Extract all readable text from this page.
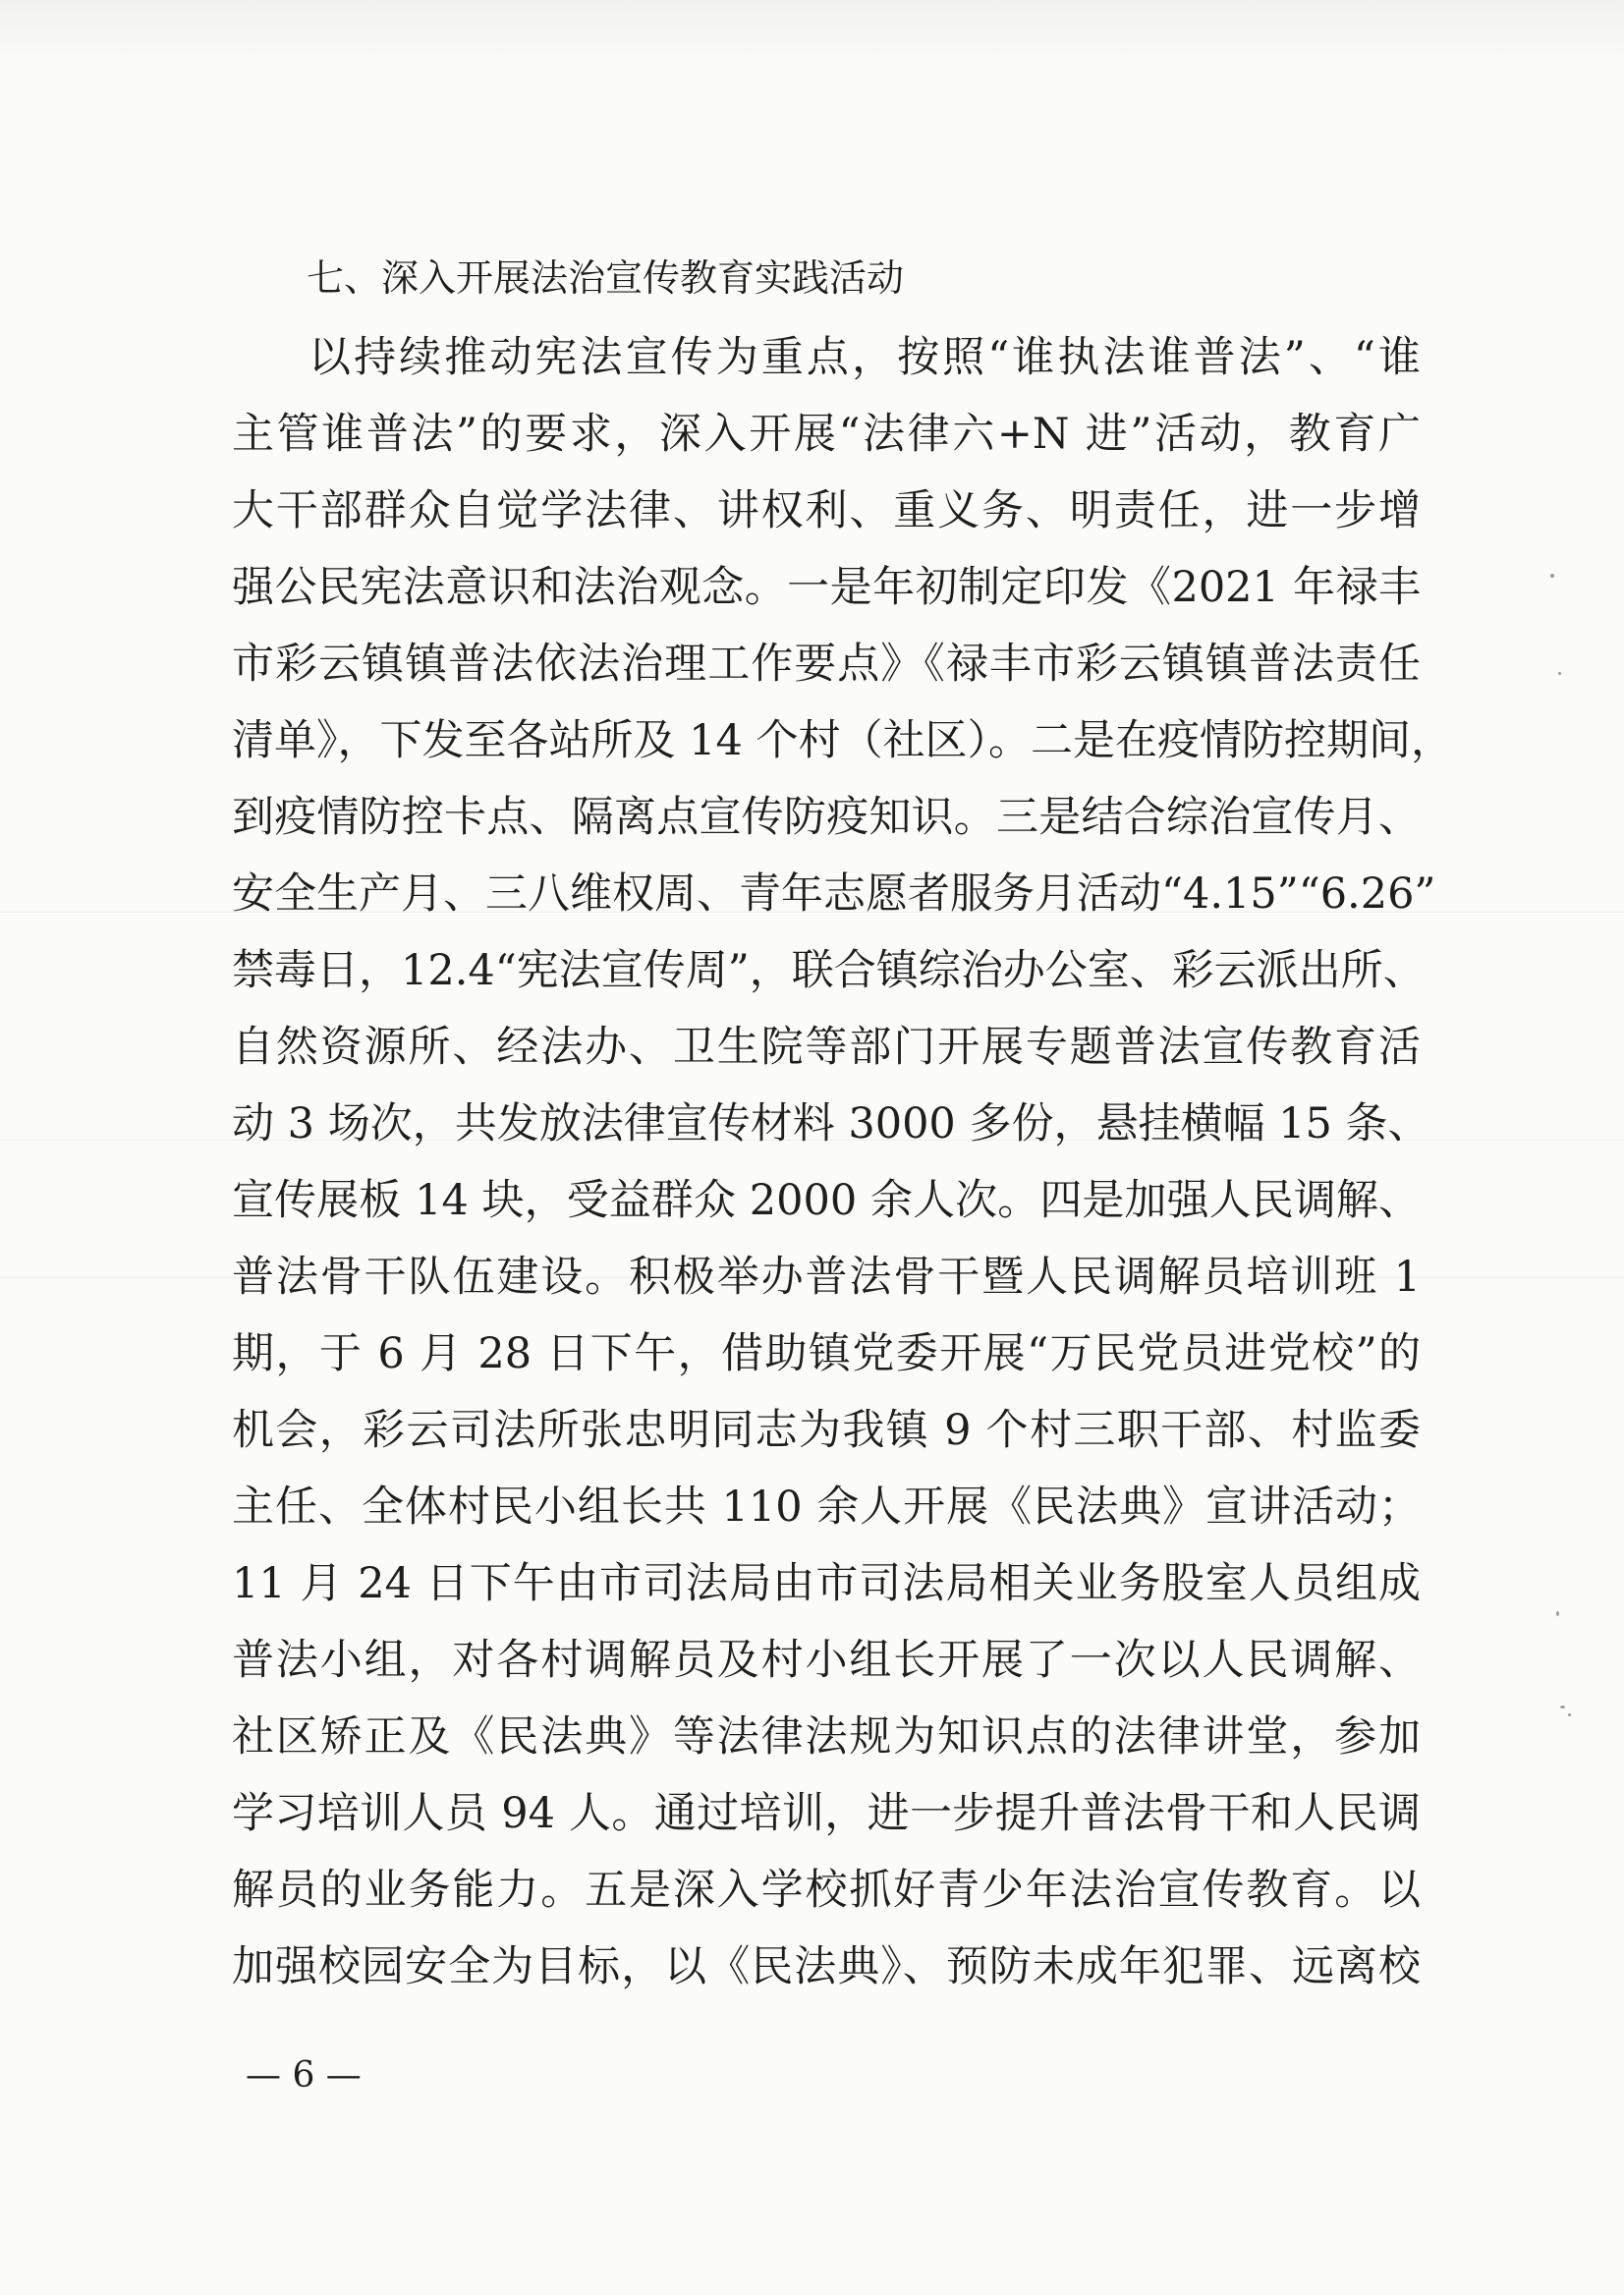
七、深入开展法治宣传教育实践活动
以持续推动宪法宣传为重点，按照“谁执法谁普法”、“谁
主管谁普法”的要求，深入开展“法律六+N 进”活动，教育广
大干部群众自觉学法律、讲权利、重义务、明责任，进一步增
强公民宪法意识和法治观念。一是年初制定印发《2021 年禄丰
市彩云镇镇普法依法治理工作要点》《禄丰市彩云镇镇普法责任
清单》，下发至各站所及 14 个村（社区）。二是在疫情防控期间，
到疫情防控卡点、隔离点宣传防疫知识。三是结合综治宣传月、
安全生产月、三八维权周、青年志愿者服务月活动“4.15”“6.26”
禁毒日，12.4“宪法宣传周”，联合镇综治办公室、彩云派出所、
自然资源所、经法办、卫生院等部门开展专题普法宣传教育活
动 3 场次，共发放法律宣传材料 3000 多份，悬挂横幅 15 条、
宣传展板 14 块，受益群众 2000 余人次。四是加强人民调解、
普法骨干队伍建设。积极举办普法骨干暨人民调解员培训班 1
期，于 6 月 28 日下午，借助镇党委开展“万民党员进党校”的
机会，彩云司法所张忠明同志为我镇 9 个村三职干部、村监委
主任、全体村民小组长共 110 余人开展《民法典》宣讲活动；
11 月 24 日下午由市司法局由市司法局相关业务股室人员组成
普法小组，对各村调解员及村小组长开展了一次以人民调解、
社区矫正及《民法典》等法律法规为知识点的法律讲堂，参加
学习培训人员 94 人。通过培训，进一步提升普法骨干和人民调
解员的业务能力。五是深入学校抓好青少年法治宣传教育。以
加强校园安全为目标，以《民法典》、预防未成年犯罪、远离校
— 6 —
